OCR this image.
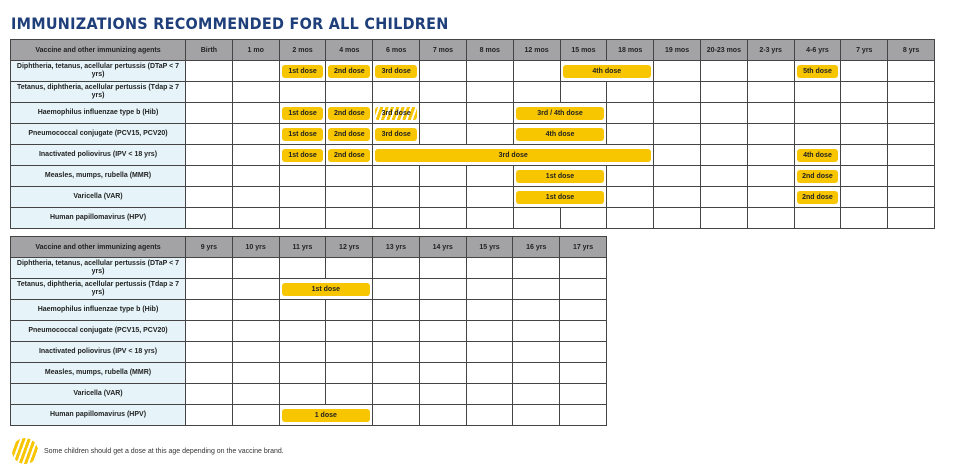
IMMUNIZATIONS RECOMMENDED FOR ALL CHILDREN
Vaccine and other immunizing agents	Birth	1 mo	2 mos	4 mos	6 mos	7 mos	8 mos	12 mos	15 mos	18 mos	19 mos	20-23 mos	2-3 yrs	4-6 yrs	7 yrs	8 yrs
Diphtheria, tetanus, acellular pertussis (DTaP < 7 yrs)			1st dose	2nd dose	3rd dose				4th dose					5th dose		

Tetanus, diphtheria, acellular pertussis (Tdap ≥ 7 yrs)																
Haemophilus influenzae type b (Hib)			1st dose	2nd dose	3rd dose			3rd / 4th dose								

Pneumococcal conjugate (PCV15, PCV20)			1st dose	2nd dose	3rd dose			4th dose								

Inactivated poliovirus (IPV < 18 yrs)			1st dose	2nd dose	3rd dose									4th dose		

Measles, mumps, rubella (MMR)								1st dose						2nd dose		

Varicella (VAR)								1st dose						2nd dose		

Human papillomavirus (HPV)																
Vaccine and other immunizing agents	9 yrs	10 yrs	11 yrs	12 yrs	13 yrs	14 yrs	15 yrs	16 yrs	17 yrs
Diphtheria, tetanus, acellular pertussis (DTaP < 7 yrs)									
Tetanus, diphtheria, acellular pertussis (Tdap ≥ 7 yrs)			1st dose						

Haemophilus influenzae type b (Hib)									
Pneumococcal conjugate (PCV15, PCV20)									
Inactivated poliovirus (IPV < 18 yrs)									
Measles, mumps, rubella (MMR)									
Varicella (VAR)									
Human papillomavirus (HPV)			1 dose						

Some children should get a dose at this age depending on the vaccine brand.
